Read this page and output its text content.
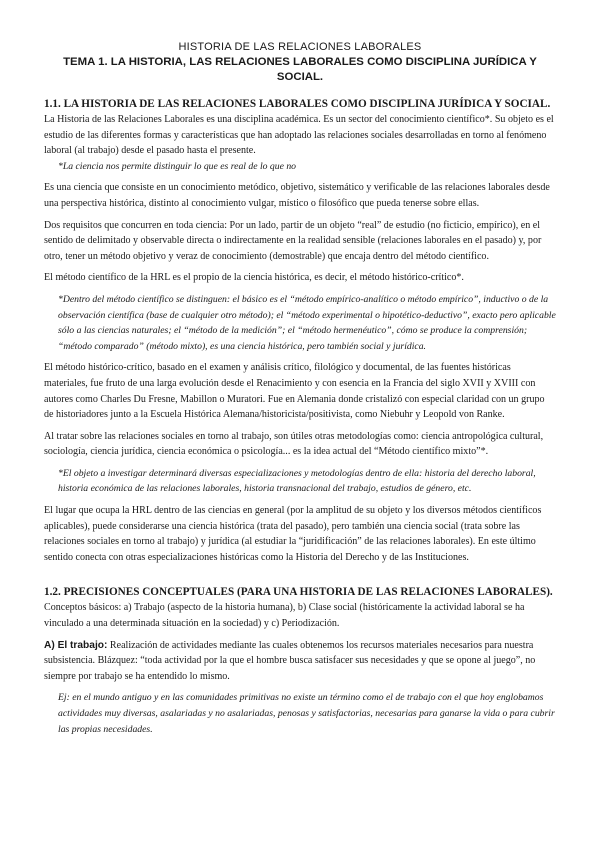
HISTORIA DE LAS RELACIONES LABORALES

TEMA 1. LA HISTORIA, LAS RELACIONES LABORALES COMO DISCIPLINA JURÍDICA Y SOCIAL.

1.1. LA HISTORIA DE LAS RELACIONES LABORALES COMO DISCIPLINA JURÍDICA Y SOCIAL.

La Historia de las Relaciones Laborales es una disciplina académica. Es un sector del conocimiento científico*. Su objeto es el estudio de las diferentes formas y características que han adoptado las relaciones sociales desarrolladas en torno al fenómeno laboral (al trabajo) desde el pasado hasta el presente.

*La ciencia nos permite distinguir lo que es real de lo que no

Es una ciencia que consiste en un conocimiento metódico, objetivo, sistemático y verificable de las relaciones laborales desde una perspectiva histórica, distinto al conocimiento vulgar, místico o filosófico que pueda tenerse sobre ellas.

Dos requisitos que concurren en toda ciencia: Por un lado, partir de un objeto “real” de estudio (no ficticio, empírico), en el sentido de delimitado y observable directa o indirectamente en la realidad sensible (relaciones laborales en el pasado) y, por otro, tener un método objetivo y veraz de conocimiento (demostrable) que encaja dentro del método científico.

El método científico de la HRL es el propio de la ciencia histórica, es decir, el método histórico-crítico*.

*Dentro del método científico se distinguen: el básico es el “método empírico-analítico o método empírico”, inductivo o de la observación científica (base de cualquier otro método); el “método experimental o hipotético-deductivo”, exacto pero aplicable sólo a las ciencias naturales; el “método de la medición”; el “método hermenéutico”, cómo se produce la comprensión; “método comparado” (método mixto), es una ciencia histórica, pero también social y jurídica.

El método histórico-crítico, basado en el examen y análisis crítico, filológico y documental, de las fuentes históricas materiales, fue fruto de una larga evolución desde el Renacimiento y con esencia en la Francia del siglo XVII y XVIII con autores como Charles Du Fresne, Mabillon o Muratori. Fue en Alemania donde cristalizó con especial claridad con un grupo de historiadores junto a la Escuela Histórica Alemana/historicista/positivista, como Niebuhr y Leopold von Ranke.

Al tratar sobre las relaciones sociales en torno al trabajo, son útiles otras metodologías como: ciencia antropológica cultural, sociología, ciencia jurídica, ciencia económica o psicología... es la idea actual del “Método científico mixto”*.

*El objeto a investigar determinará diversas especializaciones y metodologías dentro de ella: historia del derecho laboral, historia económica de las relaciones laborales, historia transnacional del trabajo, estudios de género, etc.

El lugar que ocupa la HRL dentro de las ciencias en general (por la amplitud de su objeto y los diversos métodos científicos aplicables), puede considerarse una ciencia histórica (trata del pasado), pero también una ciencia social (trata sobre las relaciones sociales en torno al trabajo) y jurídica (al estudiar la “juridificación” de las relaciones laborales). En este último sentido conecta con otras especializaciones históricas como la Historia del Derecho y de las Instituciones.

1.2. PRECISIONES CONCEPTUALES (PARA UNA HISTORIA DE LAS RELACIONES LABORALES).

Conceptos básicos: a) Trabajo (aspecto de la historia humana), b) Clase social (históricamente la actividad laboral se ha vinculado a una determinada situación en la sociedad) y c) Periodización.

A) El trabajo: Realización de actividades mediante las cuales obtenemos los recursos materiales necesarios para nuestra subsistencia. Blázquez: “toda actividad por la que el hombre busca satisfacer sus necesidades y que se opone al juego”, no siempre por trabajo se ha entendido lo mismo.

Ej: en el mundo antiguo y en las comunidades primitivas no existe un término como el de trabajo con el que hoy englobamos actividades muy diversas, asalariadas y no asalariadas, penosas y satisfactorias, necesarias para ganarse la vida o para cubrir las propias necesidades.
